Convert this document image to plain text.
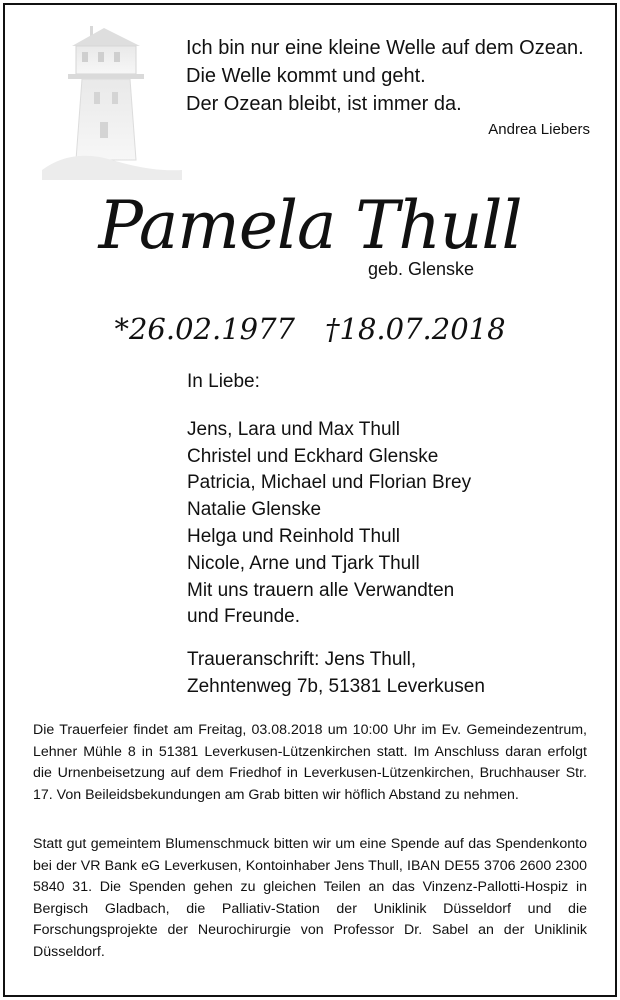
Ich bin nur eine kleine Welle auf dem Ozean.
Die Welle kommt und geht.
Der Ozean bleibt, ist immer da.
Andrea Liebers
Pamela Thull
geb. Glenske
*26.02.1977 †18.07.2018
In Liebe:
Jens, Lara und Max Thull
Christel und Eckhard Glenske
Patricia, Michael und Florian Brey
Natalie Glenske
Helga und Reinhold Thull
Nicole, Arne und Tjark Thull
Mit uns trauern alle Verwandten
und Freunde.
Traueranschrift: Jens Thull,
Zehntenweg 7b, 51381 Leverkusen

Die Trauerfeier findet am Freitag, 03.08.2018 um 10:00 Uhr im Ev. Gemeindezentrum, Lehner Mühle 8 in 51381 Leverkusen-Lützenkirchen statt. Im Anschluss daran erfolgt die Urnenbeisetzung auf dem Friedhof in Leverkusen-Lützenkirchen, Bruchhauser Str. 17. Von Beileidsbekundungen am Grab bitten wir höflich Abstand zu nehmen.

Statt gut gemeintem Blumenschmuck bitten wir um eine Spende auf das Spendenkonto bei der VR Bank eG Leverkusen, Kontoinhaber Jens Thull, IBAN DE55 3706 2600 2300 5840 31. Die Spenden gehen zu gleichen Teilen an das Vinzenz-Pallotti-Hospiz in Bergisch Gladbach, die Palliativ-Station der Uniklinik Düsseldorf und die Forschungsprojekte der Neurochirurgie von Professor Dr. Sabel an der Uniklinik Düsseldorf.
